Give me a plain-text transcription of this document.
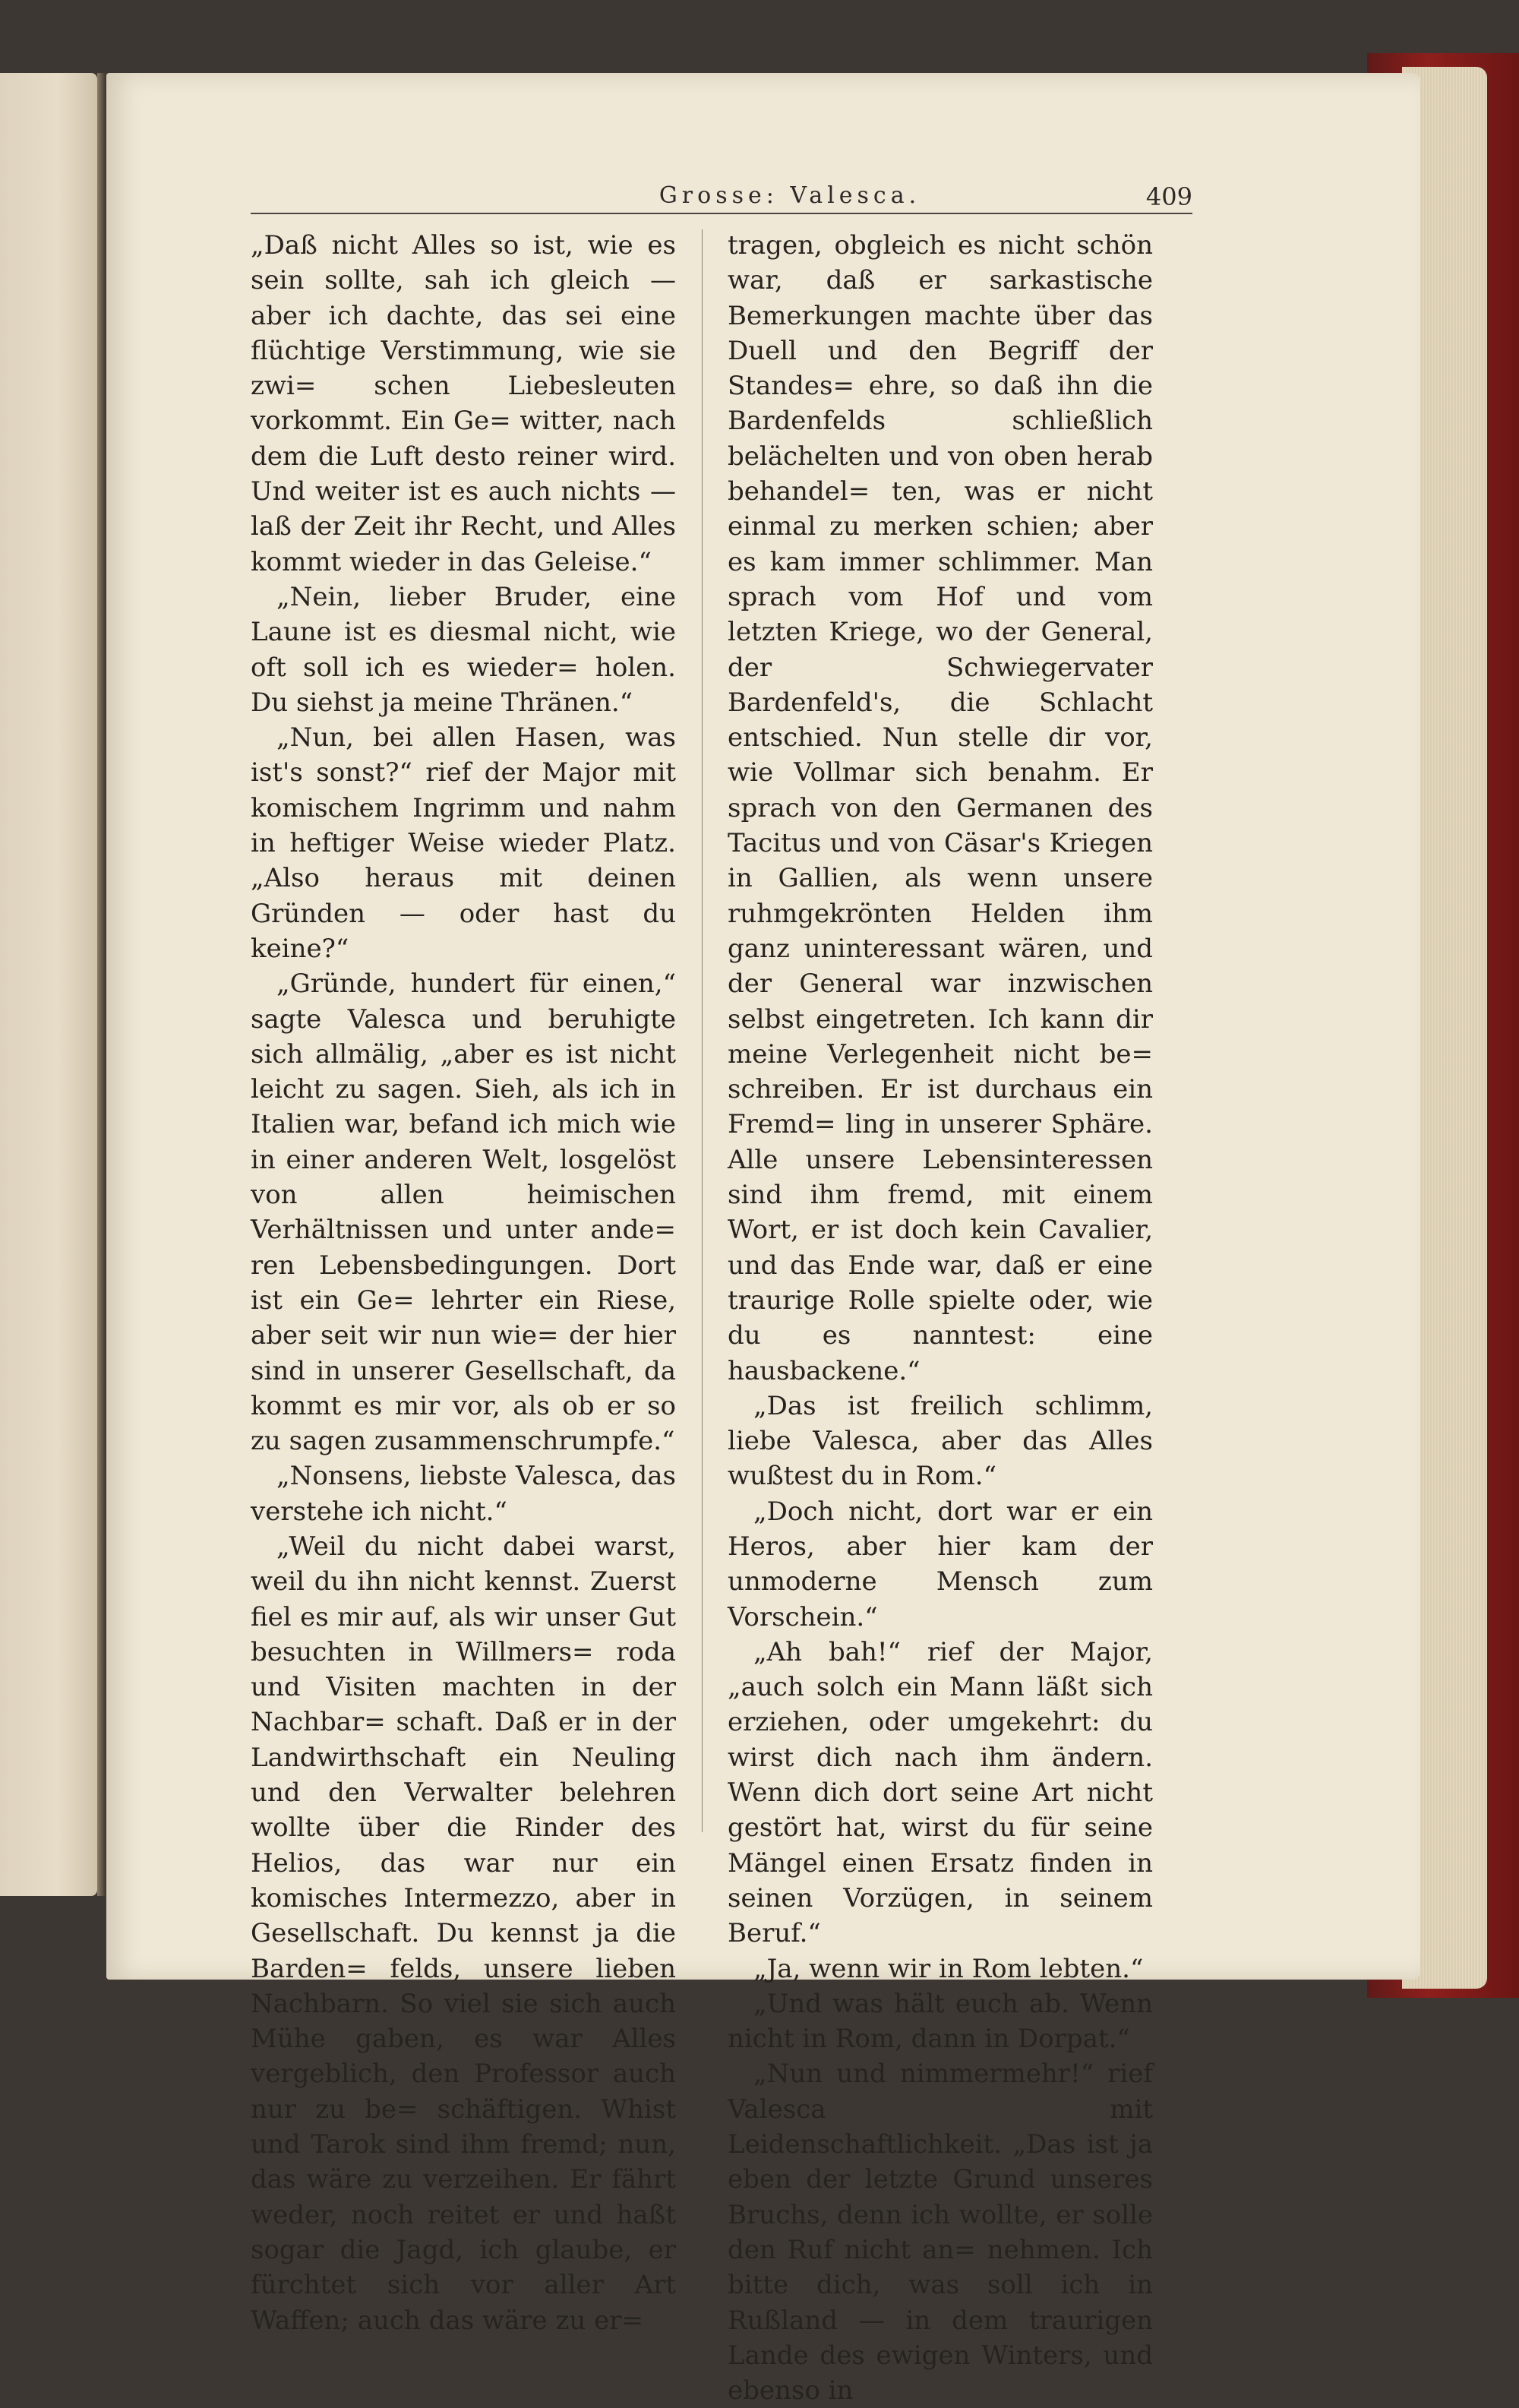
Grosse: Valesca.	409

„Daß nicht Alles so ist, wie es sein sollte, sah ich gleich — aber ich dachte, das sei eine flüchtige Verstimmung, wie sie zwi= schen Liebesleuten vorkommt. Ein Ge= witter, nach dem die Luft desto reiner wird. Und weiter ist es auch nichts — laß der Zeit ihr Recht, und Alles kommt wieder in das Geleise.“

„Nein, lieber Bruder, eine Laune ist es diesmal nicht, wie oft soll ich es wieder= holen. Du siehst ja meine Thränen.“

„Nun, bei allen Hasen, was ist's sonst?“ rief der Major mit komischem Ingrimm und nahm in heftiger Weise wieder Platz. „Also heraus mit deinen Gründen — oder hast du keine?“

„Gründe, hundert für einen,“ sagte Valesca und beruhigte sich allmälig, „aber es ist nicht leicht zu sagen. Sieh, als ich in Italien war, befand ich mich wie in einer anderen Welt, losgelöst von allen heimischen Verhältnissen und unter ande= ren Lebensbedingungen. Dort ist ein Ge= lehrter ein Riese, aber seit wir nun wie= der hier sind in unserer Gesellschaft, da kommt es mir vor, als ob er so zu sagen zusammenschrumpfe.“

„Nonsens, liebste Valesca, das verstehe ich nicht.“

„Weil du nicht dabei warst, weil du ihn nicht kennst. Zuerst fiel es mir auf, als wir unser Gut besuchten in Willmers= roda und Visiten machten in der Nachbar= schaft. Daß er in der Landwirthschaft ein Neuling und den Verwalter belehren wollte über die Rinder des Helios, das war nur ein komisches Intermezzo, aber in Gesellschaft. Du kennst ja die Barden= felds, unsere lieben Nachbarn. So viel sie sich auch Mühe gaben, es war Alles vergeblich, den Professor auch nur zu be= schäftigen. Whist und Tarok sind ihm fremd; nun, das wäre zu verzeihen. Er fährt weder, noch reitet er und haßt sogar die Jagd, ich glaube, er fürchtet sich vor aller Art Waffen; auch das wäre zu er=

tragen, obgleich es nicht schön war, daß er sarkastische Bemerkungen machte über das Duell und den Begriff der Standes= ehre, so daß ihn die Bardenfelds schließlich belächelten und von oben herab behandel= ten, was er nicht einmal zu merken schien; aber es kam immer schlimmer. Man sprach vom Hof und vom letzten Kriege, wo der General, der Schwiegervater Bardenfeld's, die Schlacht entschied. Nun stelle dir vor, wie Vollmar sich benahm. Er sprach von den Germanen des Tacitus und von Cäsar's Kriegen in Gallien, als wenn unsere ruhmgekrönten Helden ihm ganz uninteressant wären, und der General war inzwischen selbst eingetreten. Ich kann dir meine Verlegenheit nicht be= schreiben. Er ist durchaus ein Fremd= ling in unserer Sphäre. Alle unsere Lebensinteressen sind ihm fremd, mit einem Wort, er ist doch kein Cavalier, und das Ende war, daß er eine traurige Rolle spielte oder, wie du es nanntest: eine hausbackene.“

„Das ist freilich schlimm, liebe Valesca, aber das Alles wußtest du in Rom.“

„Doch nicht, dort war er ein Heros, aber hier kam der unmoderne Mensch zum Vorschein.“

„Ah bah!“ rief der Major, „auch solch ein Mann läßt sich erziehen, oder umgekehrt: du wirst dich nach ihm ändern. Wenn dich dort seine Art nicht gestört hat, wirst du für seine Mängel einen Ersatz finden in seinen Vorzügen, in seinem Beruf.“

„Ja, wenn wir in Rom lebten.“

„Und was hält euch ab. Wenn nicht in Rom, dann in Dorpat.“

„Nun und nimmermehr!“ rief Valesca mit Leidenschaftlichkeit. „Das ist ja eben der letzte Grund unseres Bruchs, denn ich wollte, er solle den Ruf nicht an= nehmen. Ich bitte dich, was soll ich in Rußland — in dem traurigen Lande des ewigen Winters, und ebenso in
